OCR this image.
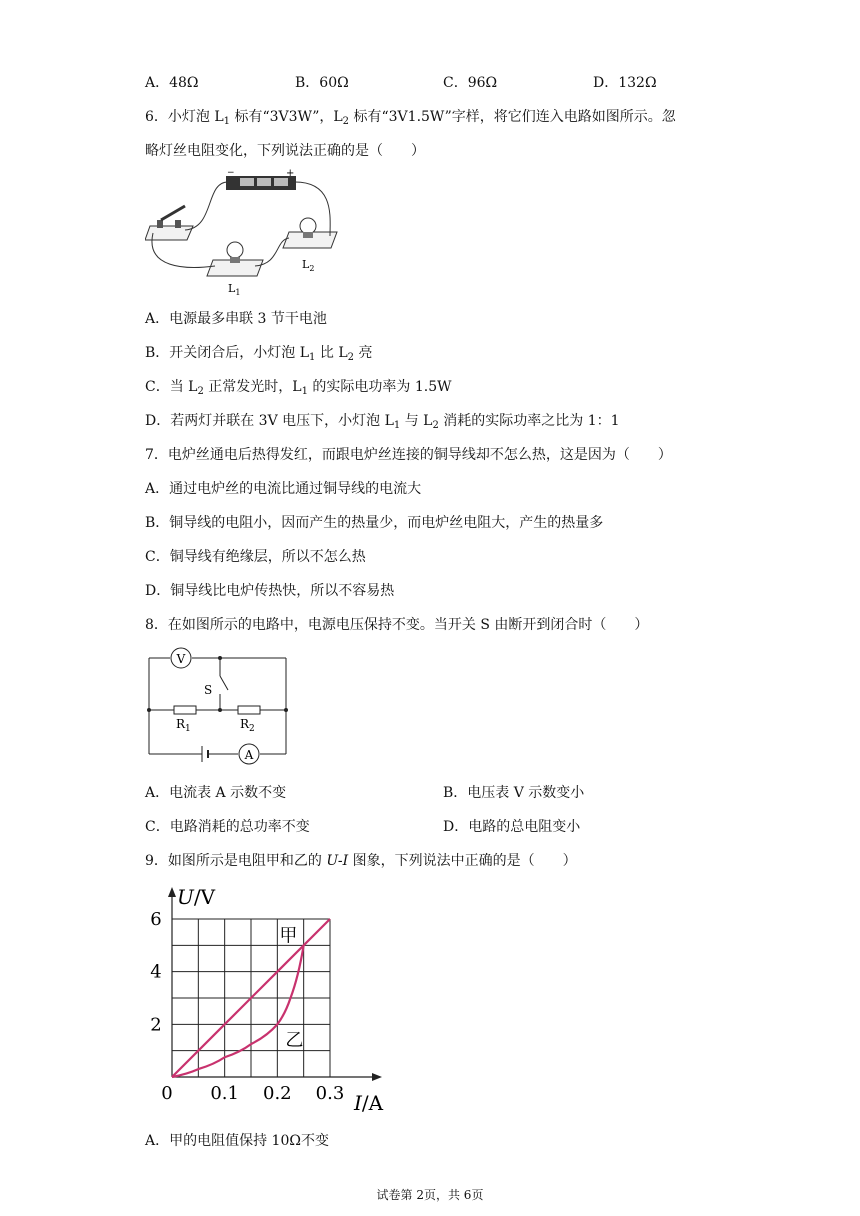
A．48Ω	B．60Ω	C．96Ω	D．132Ω
6．小灯泡 $L_1$ 标有“3V3W”，$L_2$ 标有“3V1.5W”字样，将它们连入电路如图所示。忽
略灯丝电阻变化，下列说法正确的是（　　）
−	+
$L_2$
$L_1$
A．电源最多串联 3 节干电池
B．开关闭合后，小灯泡 $L_1$ 比 $L_2$ 亮
C．当 $L_2$ 正常发光时，$L_1$ 的实际电功率为 1.5W
D．若两灯并联在 3V 电压下，小灯泡 $L_1$ 与 $L_2$ 消耗的实际功率之比为 1：1
7．电炉丝通电后热得发红，而跟电炉丝连接的铜导线却不怎么热，这是因为（　　）
A．通过电炉丝的电流比通过铜导线的电流大
B．铜导线的电阻小，因而产生的热量少，而电炉丝电阻大，产生的热量多
C．铜导线有绝缘层，所以不怎么热
D．铜导线比电炉传热快，所以不容易热
8．在如图所示的电路中，电源电压保持不变。当开关 S 由断开到闭合时（　　）
V
A
S
$R_1$	$R_2$
A．电流表 A 示数不变	B．电压表 V 示数变小
C．电路消耗的总功率不变	D．电路的总电阻变小
9．如图所示是电阻甲和乙的 U-I 图象，下列说法中正确的是（　　）
0 0.1 0.2 0.3
2
4
6
U/V
I/A
甲
乙
A．甲的电阻值保持 10Ω不变
试卷第 2页，共 6页
